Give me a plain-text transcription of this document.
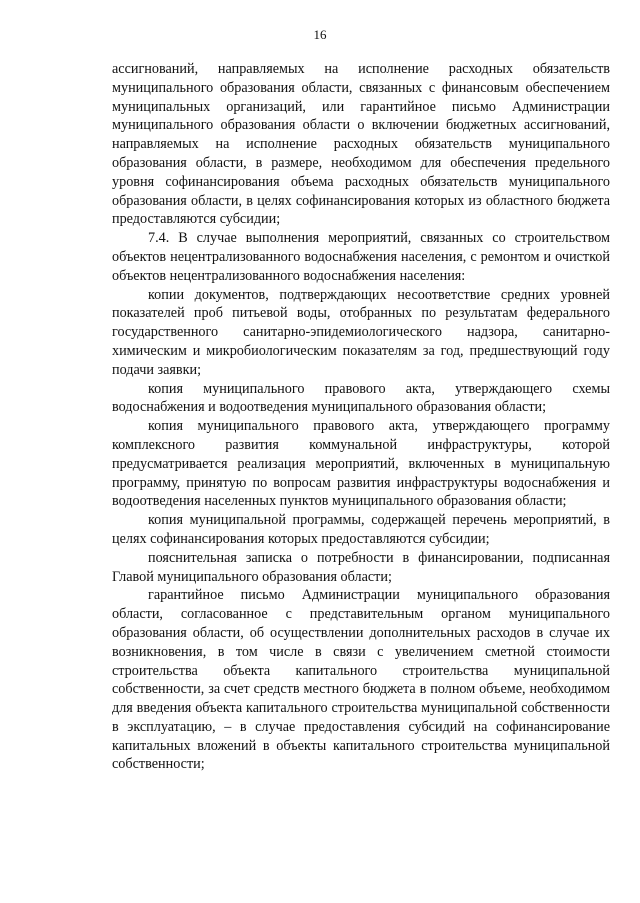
16

ассигнований, направляемых на исполнение расходных обязательств муниципального образования области, связанных с финансовым обеспечением муниципальных организаций, или гарантийное письмо Администрации муниципального образования области о включении бюджетных ассигнований, направляемых на исполнение расходных обязательств муниципального образования области, в размере, необходимом для обеспечения предельного уровня софинансирования объема расходных обязательств муниципального образования области, в целях софинансирования которых из областного бюджета предоставляются субсидии;

7.4. В случае выполнения мероприятий, связанных со строительством объектов нецентрализованного водоснабжения населения, с ремонтом и очисткой объектов нецентрализованного водоснабжения населения:

копии документов, подтверждающих несоответствие средних уровней показателей проб питьевой воды, отобранных по результатам федерального государственного санитарно-эпидемиологического надзора, санитарно-химическим и микробиологическим показателям за год, предшествующий году подачи заявки;

копия муниципального правового акта, утверждающего схемы водоснабжения и водоотведения муниципального образования области;

копия муниципального правового акта, утверждающего программу комплексного развития коммунальной инфраструктуры, которой предусматривается реализация мероприятий, включенных в муниципальную программу, принятую по вопросам развития инфраструктуры водоснабжения и водоотведения населенных пунктов муниципального образования области;

копия муниципальной программы, содержащей перечень мероприятий, в целях софинансирования которых предоставляются субсидии;

пояснительная записка о потребности в финансировании, подписанная Главой муниципального образования области;

гарантийное письмо Администрации муниципального образования области, согласованное с представительным органом муниципального образования области, об осуществлении дополнительных расходов в случае их возникновения, в том числе в связи с увеличением сметной стоимости строительства объекта капитального строительства муниципальной собственности, за счет средств местного бюджета в полном объеме, необходимом для введения объекта капитального строительства муниципальной собственности в эксплуатацию, – в случае предоставления субсидий на софинансирование капитальных вложений в объекты капитального строительства муниципальной собственности;
